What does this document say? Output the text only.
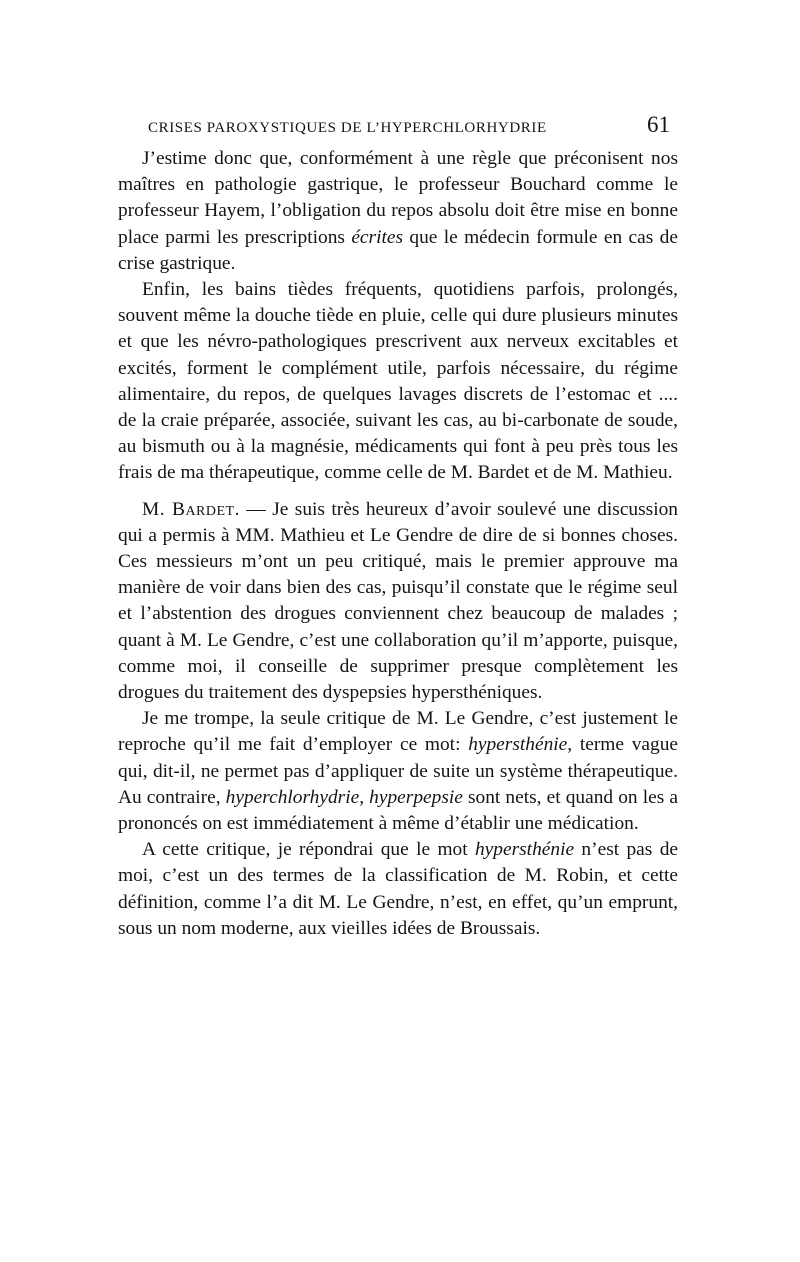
CRISES PAROXYSTIQUES DE L’HYPERCHLORHYDRIE	61

J’estime donc que, conformément à une règle que préconisent nos maîtres en pathologie gastrique, le professeur Bouchard comme le professeur Hayem, l’obligation du repos absolu doit être mise en bonne place parmi les prescriptions écrites que le médecin formule en cas de crise gastrique.

Enfin, les bains tièdes fréquents, quotidiens parfois, prolongés, souvent même la douche tiède en pluie, celle qui dure plusieurs minutes et que les névro-pathologiques prescrivent aux nerveux excitables et excités, forment le complément utile, parfois nécessaire, du régime alimentaire, du repos, de quelques lavages discrets de l’estomac et .... de la craie préparée, associée, suivant les cas, au bi-carbonate de soude, au bismuth ou à la magnésie, médicaments qui font à peu près tous les frais de ma thérapeutique, comme celle de M. Bardet et de M. Mathieu.

M. Bardet. — Je suis très heureux d’avoir soulevé une discussion qui a permis à MM. Mathieu et Le Gendre de dire de si bonnes choses. Ces messieurs m’ont un peu critiqué, mais le premier approuve ma manière de voir dans bien des cas, puisqu’il constate que le régime seul et l’abstention des drogues conviennent chez beaucoup de malades ; quant à M. Le Gendre, c’est une collaboration qu’il m’apporte, puisque, comme moi, il conseille de supprimer presque complètement les drogues du traitement des dyspepsies hypersthéniques.

Je me trompe, la seule critique de M. Le Gendre, c’est justement le reproche qu’il me fait d’employer ce mot: hypersthénie, terme vague qui, dit-il, ne permet pas d’appliquer de suite un système thérapeutique. Au contraire, hyperchlorhydrie, hyperpepsie sont nets, et quand on les a prononcés on est immédiatement à même d’établir une médication.

A cette critique, je répondrai que le mot hypersthénie n’est pas de moi, c’est un des termes de la classification de M. Robin, et cette définition, comme l’a dit M. Le Gendre, n’est, en effet, qu’un emprunt, sous un nom moderne, aux vieilles idées de Broussais.
